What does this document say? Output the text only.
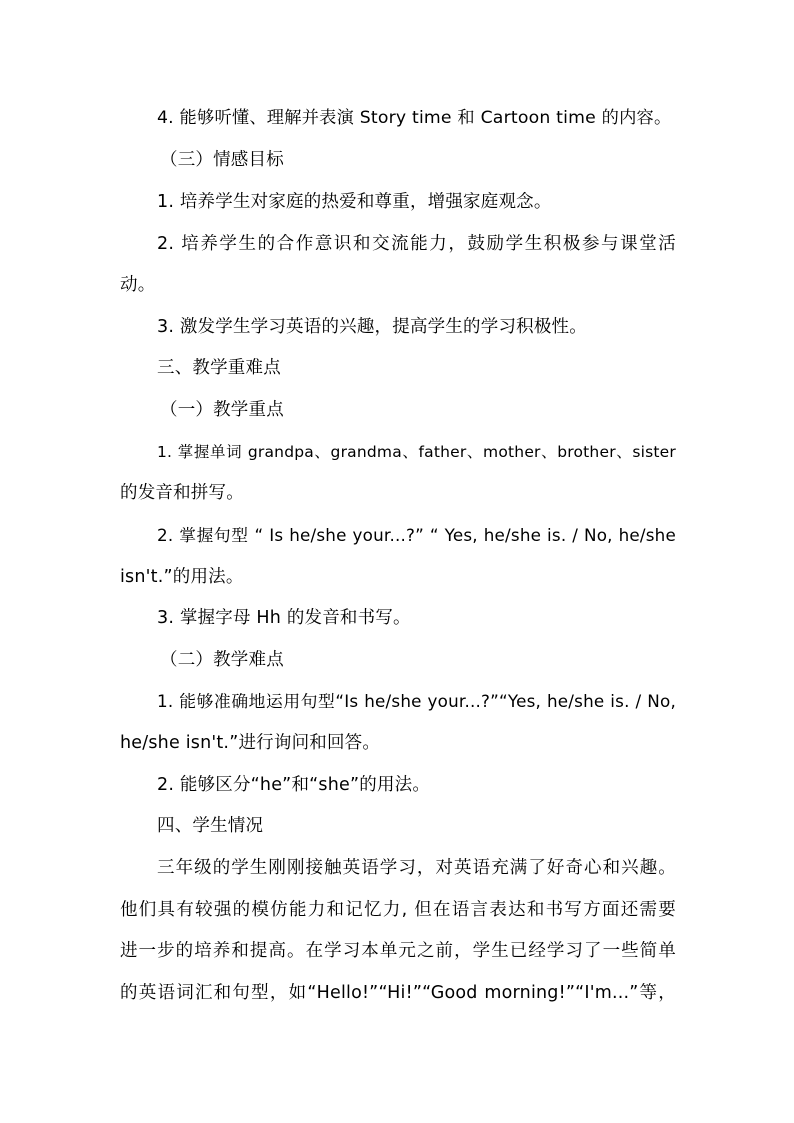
4. 能够听懂、理解并表演 Story time 和 Cartoon time 的内容。
（三）情感目标
1. 培养学生对家庭的热爱和尊重，增强家庭观念。
2. 培养学生的合作意识和交流能力，鼓励学生积极参与课堂活
动。
3. 激发学生学习英语的兴趣，提高学生的学习积极性。
三、教学重难点
（一）教学重点
1. 掌握单词 grandpa、grandma、father、mother、brother、sister
的发音和拼写。
2. 掌握句型 “ Is he/she your...?” “ Yes, he/she is. / No, he/she
isn't.”的用法。
3. 掌握字母 Hh 的发音和书写。
（二）教学难点
1. 能够准确地运用句型“Is he/she your...?”“Yes, he/she is. / No,
he/she isn't.”进行询问和回答。
2. 能够区分“he”和“she”的用法。
四、学生情况
三年级的学生刚刚接触英语学习，对英语充满了好奇心和兴趣。
他们具有较强的模仿能力和记忆力, 但在语言表达和书写方面还需要
进一步的培养和提高。在学习本单元之前，学生已经学习了一些简单
的英语词汇和句型，如“Hello!”“Hi!”“Good morning!”“I'm...”等，
